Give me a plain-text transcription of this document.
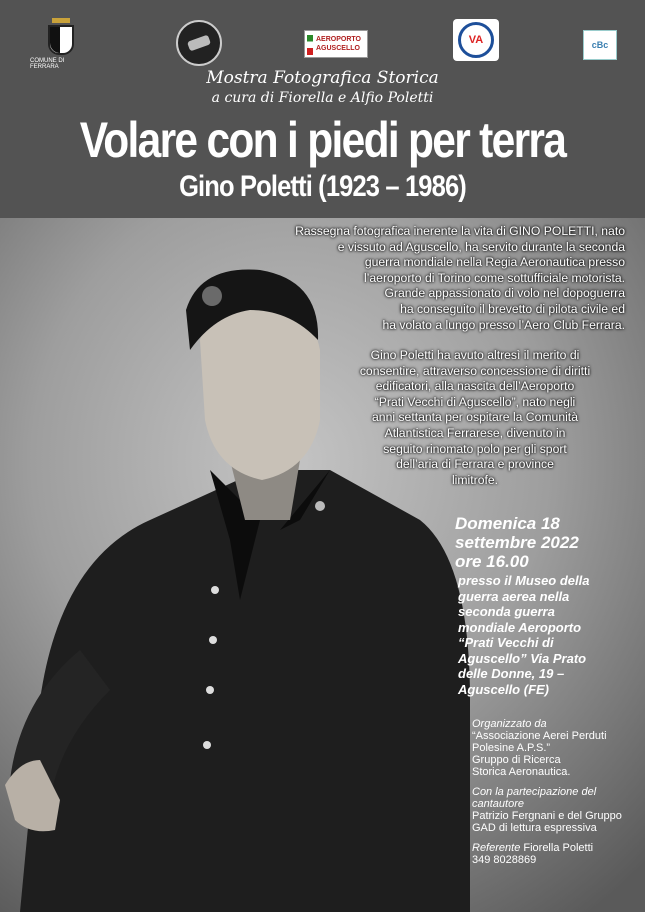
COMUNE DI FERRARA
AEROPORTO
AGUSCELLO
VA	cBc
Mostra Fotografica Storica
a cura di Fiorella e Alfio Poletti
Volare con i piedi per terra
Gino Poletti (1923 – 1986)

Rassegna fotografica inerente la vita di GINO POLETTI, nato

e vissuto ad Aguscello, ha servito durante la seconda

guerra mondiale nella Regia Aeronautica presso

l’aeroporto di Torino come sottufficiale motorista.

Grande appassionato di volo nel dopoguerra

ha conseguito il brevetto di pilota civile ed

ha volato a lungo presso l’Aero Club Ferrara.

Gino Poletti ha avuto altresì il merito di

consentire, attraverso concessione di diritti

edificatori, alla nascita dell’Aeroporto

“Prati Vecchi di Aguscello”, nato negli

anni settanta per ospitare la Comunità

Atlantistica Ferrarese, divenuto in

seguito rinomato polo per gli sport

dell’aria di Ferrara e province

limitrofe.

Domenica 18
settembre 2022
ore 16.00
presso il Museo della
guerra aerea nella
seconda guerra
mondiale Aeroporto
“Prati Vecchi di
Aguscello” Via Prato
delle Donne, 19 –
Aguscello (FE)
Organizzato da
“Associazione Aerei Perduti
Polesine A.P.S.”
Gruppo di Ricerca
Storica Aeronautica.
Con la partecipazione del
cantautore
Patrizio Fergnani e del Gruppo
GAD di lettura espressiva
Referente Fiorella Poletti
349 8028869
